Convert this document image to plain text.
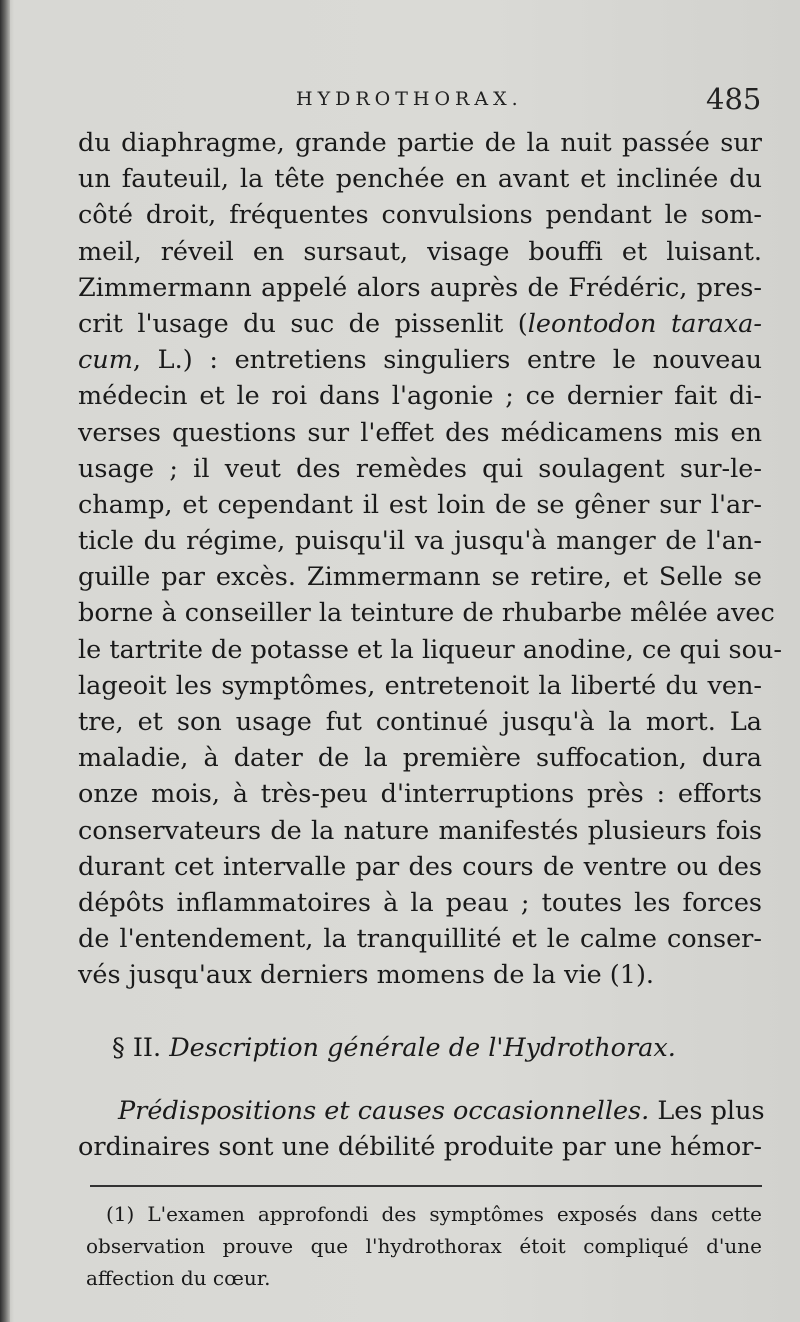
HYDROTHORAX.	485
du diaphragme, grande partie de la nuit passée sur
un fauteuil, la tête penchée en avant et inclinée du
côté droit, fréquentes convulsions pendant le som-
meil, réveil en sursaut, visage bouffi et luisant.
Zimmermann appelé alors auprès de Frédéric, pres-
crit l'usage du suc de pissenlit (leontodon taraxa-
cum, L.) : entretiens singuliers entre le nouveau
médecin et le roi dans l'agonie ; ce dernier fait di-
verses questions sur l'effet des médicamens mis en
usage ; il veut des remèdes qui soulagent sur-le-
champ, et cependant il est loin de se gêner sur l'ar-
ticle du régime, puisqu'il va jusqu'à manger de l'an-
guille par excès. Zimmermann se retire, et Selle se
borne à conseiller la teinture de rhubarbe mêlée avec
le tartrite de potasse et la liqueur anodine, ce qui sou-
lageoit les symptômes, entretenoit la liberté du ven-
tre, et son usage fut continué jusqu'à la mort. La
maladie, à dater de la première suffocation, dura
onze mois, à très-peu d'interruptions près : efforts
conservateurs de la nature manifestés plusieurs fois
durant cet intervalle par des cours de ventre ou des
dépôts inflammatoires à la peau ; toutes les forces
de l'entendement, la tranquillité et le calme conser-
vés jusqu'aux derniers momens de la vie (1).
§ II. Description générale de l'Hydrothorax.
Prédispositions et causes occasionnelles. Les plus
ordinaires sont une débilité produite par une hémor-
(1) L'examen approfondi des symptômes exposés dans cette
observation prouve que l'hydrothorax étoit compliqué d'une
affection du cœur.
